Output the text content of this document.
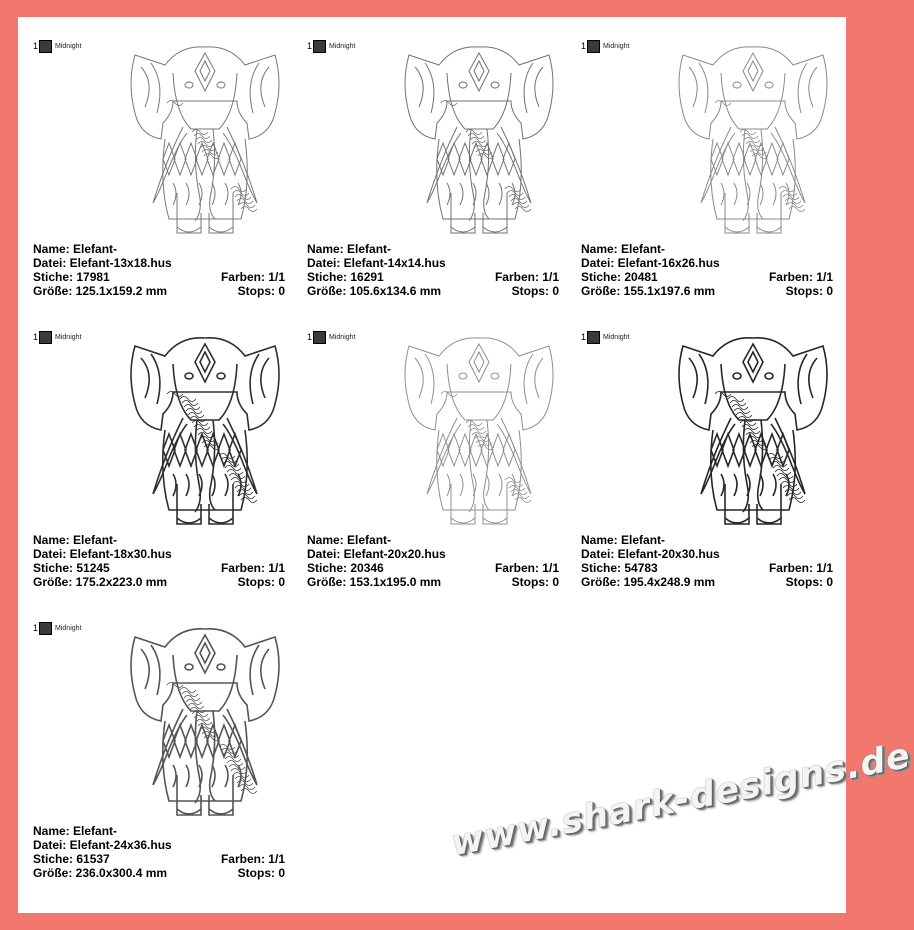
1 Midnight
Name: Elefant-
Datei: Elefant-13x18.hus
Stiche: 17981	Farben: 1/1
Größe: 125.1x159.2 mm	Stops: 0
1 Midnight
Name: Elefant-
Datei: Elefant-14x14.hus
Stiche: 16291	Farben: 1/1
Größe: 105.6x134.6 mm	Stops: 0
1 Midnight
Name: Elefant-
Datei: Elefant-16x26.hus
Stiche: 20481	Farben: 1/1
Größe: 155.1x197.6 mm	Stops: 0
1 Midnight
Name: Elefant-
Datei: Elefant-18x30.hus
Stiche: 51245	Farben: 1/1
Größe: 175.2x223.0 mm	Stops: 0
1 Midnight
Name: Elefant-
Datei: Elefant-20x20.hus
Stiche: 20346	Farben: 1/1
Größe: 153.1x195.0 mm	Stops: 0
1 Midnight
Name: Elefant-
Datei: Elefant-20x30.hus
Stiche: 54783	Farben: 1/1
Größe: 195.4x248.9 mm	Stops: 0
1 Midnight
Name: Elefant-
Datei: Elefant-24x36.hus
Stiche: 61537	Farben: 1/1
Größe: 236.0x300.4 mm	Stops: 0
www.shark-designs.de
